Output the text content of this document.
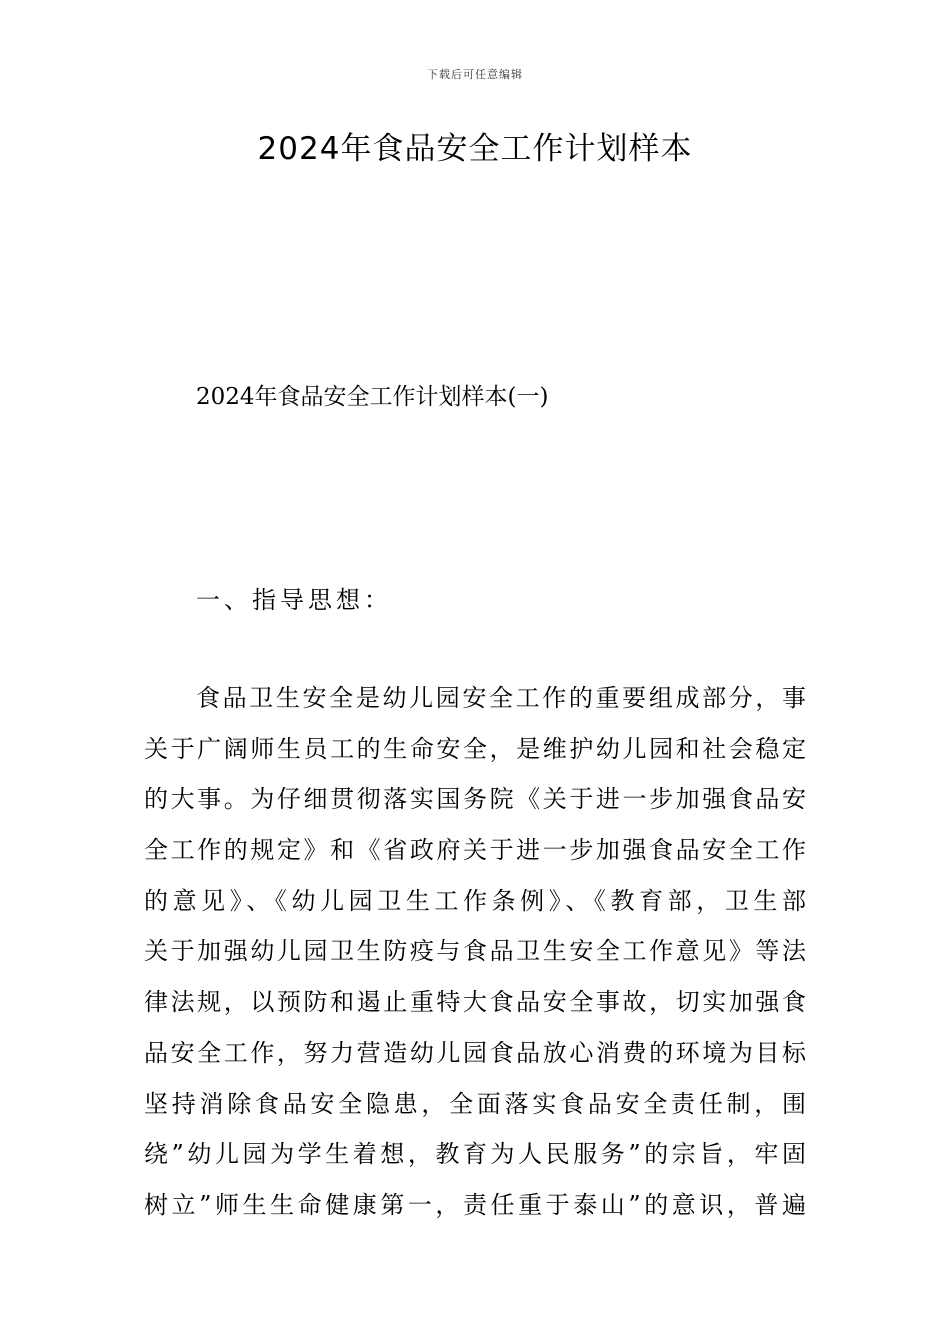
下载后可任意编辑
2024年食品安全工作计划样本
2024年食品安全工作计划样本(一)
一、指导思想：
食品卫生安全是幼儿园安全工作的重要组成部分，事
关于广阔师生员工的生命安全，是维护幼儿园和社会稳定
的大事。为仔细贯彻落实国务院《关于进一步加强食品安
全工作的规定》和《省政府关于进一步加强食品安全工作
的意见》、《幼儿园卫生工作条例》、《教育部，卫生部
关于加强幼儿园卫生防疫与食品卫生安全工作意见》等法
律法规，以预防和遏止重特大食品安全事故，切实加强食
品安全工作，努力营造幼儿园食品放心消费的环境为目标
坚持消除食品安全隐患，全面落实食品安全责任制，围
绕”幼儿园为学生着想，教育为人民服务”的宗旨，牢固
树立”师生生命健康第一，责任重于泰山”的意识，普遍
